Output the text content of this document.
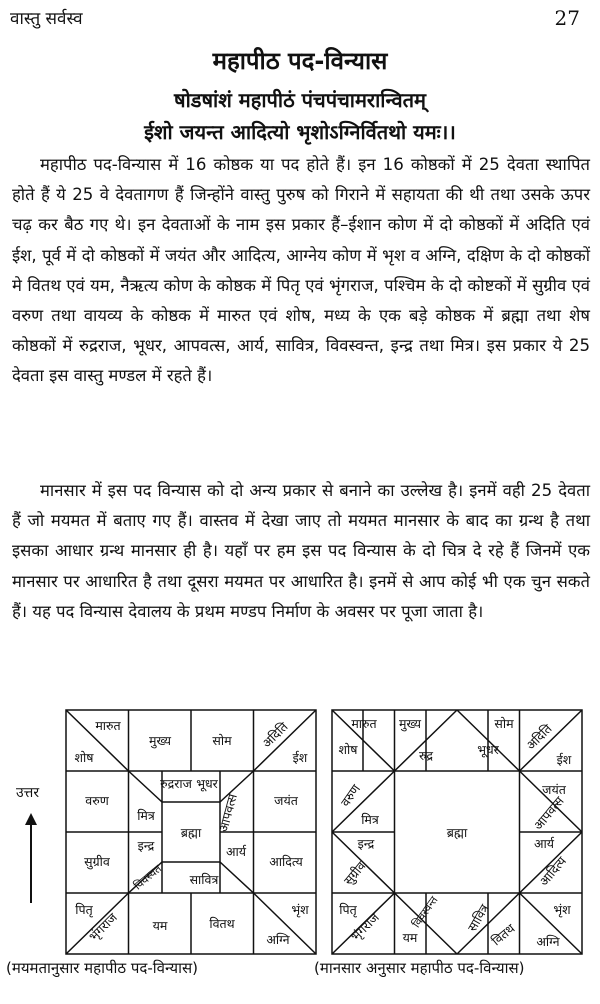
वास्तु सर्वस्व	27
महापीठ पद-विन्यास
षोडषांशं महापीठं पंचपंचामरान्वितम्
ईशो जयन्त आदित्यो भृशोऽग्निर्वितथो यमः।।

महापीठ पद-विन्यास में 16 कोष्ठक या पद होते हैं। इन 16 कोष्ठकों में 25 देवता स्थापित होते हैं ये 25 वे देवतागण हैं जिन्होंने वास्तु पुरुष को गिराने में सहायता की थी तथा उसके ऊपर चढ़ कर बैठ गए थे। इन देवताओं के नाम इस प्रकार हैं–ईशान कोण में दो कोष्ठकों में अदिति एवं ईश, पूर्व में दो कोष्ठकों में जयंत और आदित्य, आग्नेय कोण में भृश व अग्नि, दक्षिण के दो कोष्ठकों मे वितथ एवं यम, नैऋत्य कोण के कोष्ठक में पितृ एवं भृंगराज, पश्चिम के दो कोष्टकों में सुग्रीव एवं वरुण तथा वायव्य के कोष्ठक में मारुत एवं शोष, मध्य के एक बड़े कोष्ठक में ब्रह्मा तथा शेष कोष्ठकों में रुद्रराज, भूधर, आपवत्स, आर्य, सावित्र, विवस्वन्त, इन्द्र तथा मित्र। इस प्रकार ये 25 देवता इस वास्तु मण्डल में रहते हैं।

मानसार में इस पद विन्यास को दो अन्य प्रकार से बनाने का उल्लेख है। इनमें वही 25 देवता हैं जो मयमत में बताए गए हैं। वास्तव में देखा जाए तो मयमत मानसार के बाद का ग्रन्थ है तथा इसका आधार ग्रन्थ मानसार ही है। यहाँ पर हम इस पद विन्यास के दो चित्र दे रहे हैं जिनमें एक मानसार पर आधारित है तथा दूसरा मयमत पर आधारित है। इनमें से आप कोई भी एक चुन सकते हैं। यह पद विन्यास देवालय के प्रथम मण्डप निर्माण के अवसर पर पूजा जाता है।

उत्तर
मारुत
शोष
मुख्य	सोम अदिति
ईश
रुद्रराज भूधर
आपवत्स	जयंत
वरुण
मित्र
ब्रह्मा
सुग्रीव
इन्द्र	आर्य
आदित्य
विवस्वत सावित्र
पितृ
भृंगराज	यम	वितथ
भृंश
अग्नि
मारुत मुख्य	सोम अदिति
शोष	रुद्र	भूधर
ईश
वरुण	जयंत
मित्र	आपवत्स
ब्रह्मा
इन्द्र	आर्य
सुग्रीव	आदित्य
पितृ	विवस्वन्त सावित्र	भृंश
भृंगराज यम	वितथ अग्नि
(मयमतानुसार महापीठ पद-विन्यास)	(मानसार अनुसार महापीठ पद-विन्यास)
